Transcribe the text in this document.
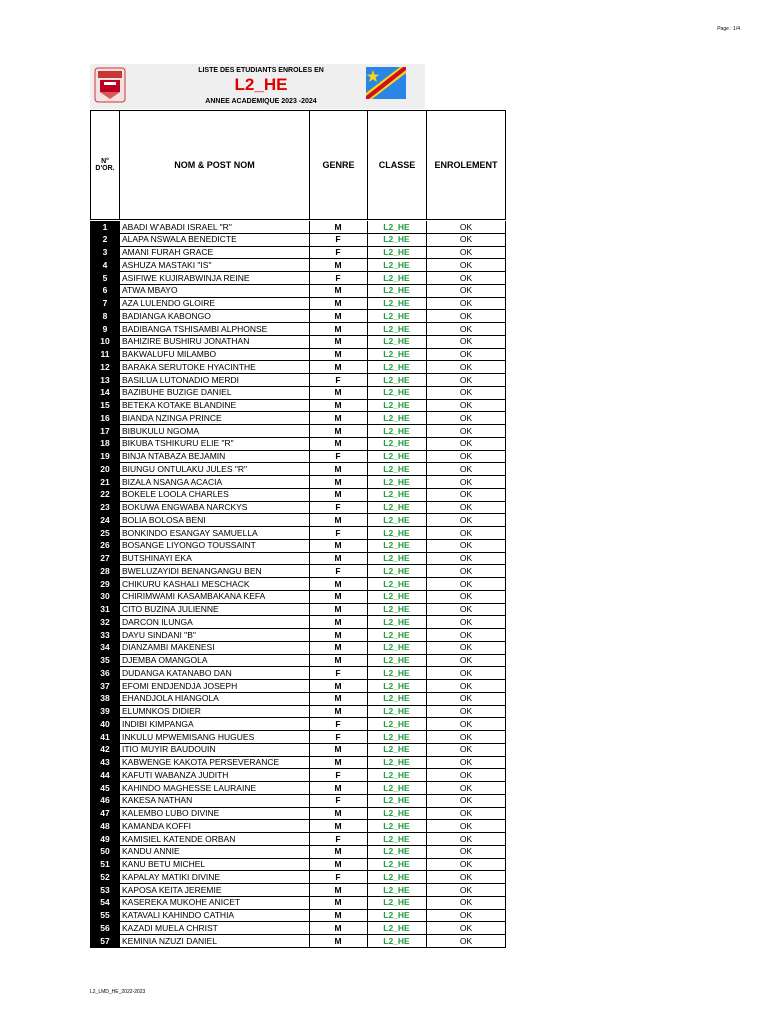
Page : 1/4
LISTE DES ETUDIANTS ENROLES EN
L2_HE
ANNEE ACADEMIQUE 2023 -2024
N° D'OR.	NOM & POST NOM	GENRE	CLASSE	ENROLEMENT
1	ABADI W'ABADI ISRAEL "R"	M	L2_HE	OK
2	ALAPA NSWALA BENEDICTE	F	L2_HE	OK
3	AMANI FURAH GRACE	F	L2_HE	OK
4	ASHUZA MASTAKI "IS"	M	L2_HE	OK
5	ASIFIWE KUJIRABWINJA REINE	F	L2_HE	OK
6	ATWA MBAYO	M	L2_HE	OK
7	AZA LULENDO GLOIRE	M	L2_HE	OK
8	BADIANGA KABONGO	M	L2_HE	OK
9	BADIBANGA TSHISAMBI ALPHONSE	M	L2_HE	OK
10	BAHIZIRE BUSHIRU JONATHAN	M	L2_HE	OK
11	BAKWALUFU MILAMBO	M	L2_HE	OK
12	BARAKA SERUTOKE HYACINTHE	M	L2_HE	OK
13	BASILUA LUTONADIO MERDI	F	L2_HE	OK
14	BAZIBUHE BUZIGE DANIEL	M	L2_HE	OK
15	BETEKA KOTAKE BLANDINE	M	L2_HE	OK
16	BIANDA NZINGA PRINCE	M	L2_HE	OK
17	BIBUKULU NGOMA	M	L2_HE	OK
18	BIKUBA TSHIKURU ELIE "R"	M	L2_HE	OK
19	BINJA NTABAZA BEJAMIN	F	L2_HE	OK
20	BIUNGU ONTULAKU JULES "R"	M	L2_HE	OK
21	BIZALA NSANGA ACACIA	M	L2_HE	OK
22	BOKELE LOOLA CHARLES	M	L2_HE	OK
23	BOKUWA ENGWABA NARCKYS	F	L2_HE	OK
24	BOLIA BOLOSA BENI	M	L2_HE	OK
25	BONKINDO ESANGAY SAMUELLA	F	L2_HE	OK
26	BOSANGE LIYONGO TOUSSAINT	M	L2_HE	OK
27	BUTSHINAYI EKA	M	L2_HE	OK
28	BWELUZAYIDI BENANGANGU BEN	F	L2_HE	OK
29	CHIKURU KASHALI MESCHACK	M	L2_HE	OK
30	CHIRIMWAMI KASAMBAKANA KEFA	M	L2_HE	OK
31	CITO BUZINA JULIENNE	M	L2_HE	OK
32	DARCON ILUNGA	M	L2_HE	OK
33	DAYU SINDANI "B"	M	L2_HE	OK
34	DIANZAMBI MAKENESI	M	L2_HE	OK
35	DJEMBA OMANGOLA	M	L2_HE	OK
36	DUDANGA KATANABO DAN	F	L2_HE	OK
37	EFOMI ENDJENDJA JOSEPH	M	L2_HE	OK
38	EHANDJOLA HIANGOLA	M	L2_HE	OK
39	ELUMNKOS DIDIER	M	L2_HE	OK
40	INDIBI KIMPANGA	F	L2_HE	OK
41	INKULU MPWEMISANG HUGUES	F	L2_HE	OK
42	ITIO MUYIR BAUDOUIN	M	L2_HE	OK
43	KABWENGE KAKOTA PERSEVERANCE	M	L2_HE	OK
44	KAFUTI WABANZA JUDITH	F	L2_HE	OK
45	KAHINDO MAGHESSE LAURAINE	M	L2_HE	OK
46	KAKESA NATHAN	F	L2_HE	OK
47	KALEMBO LUBO DIVINE	M	L2_HE	OK
48	KAMANDA KOFFI	M	L2_HE	OK
49	KAMISIEL KATENDE ORBAN	F	L2_HE	OK
50	KANDU ANNIE	M	L2_HE	OK
51	KANU BETU MICHEL	M	L2_HE	OK
52	KAPALAY MATIKI DIVINE	F	L2_HE	OK
53	KAPOSA KEITA JEREMIE	M	L2_HE	OK
54	KASEREKA MUKOHE ANICET	M	L2_HE	OK
55	KATAVALI KAHINDO CATHIA	M	L2_HE	OK
56	KAZADI MUELA CHRIST	M	L2_HE	OK
57	KEMINIA NZUZI DANIEL	M	L2_HE	OK
L2_LMD_HE_2022-2023
